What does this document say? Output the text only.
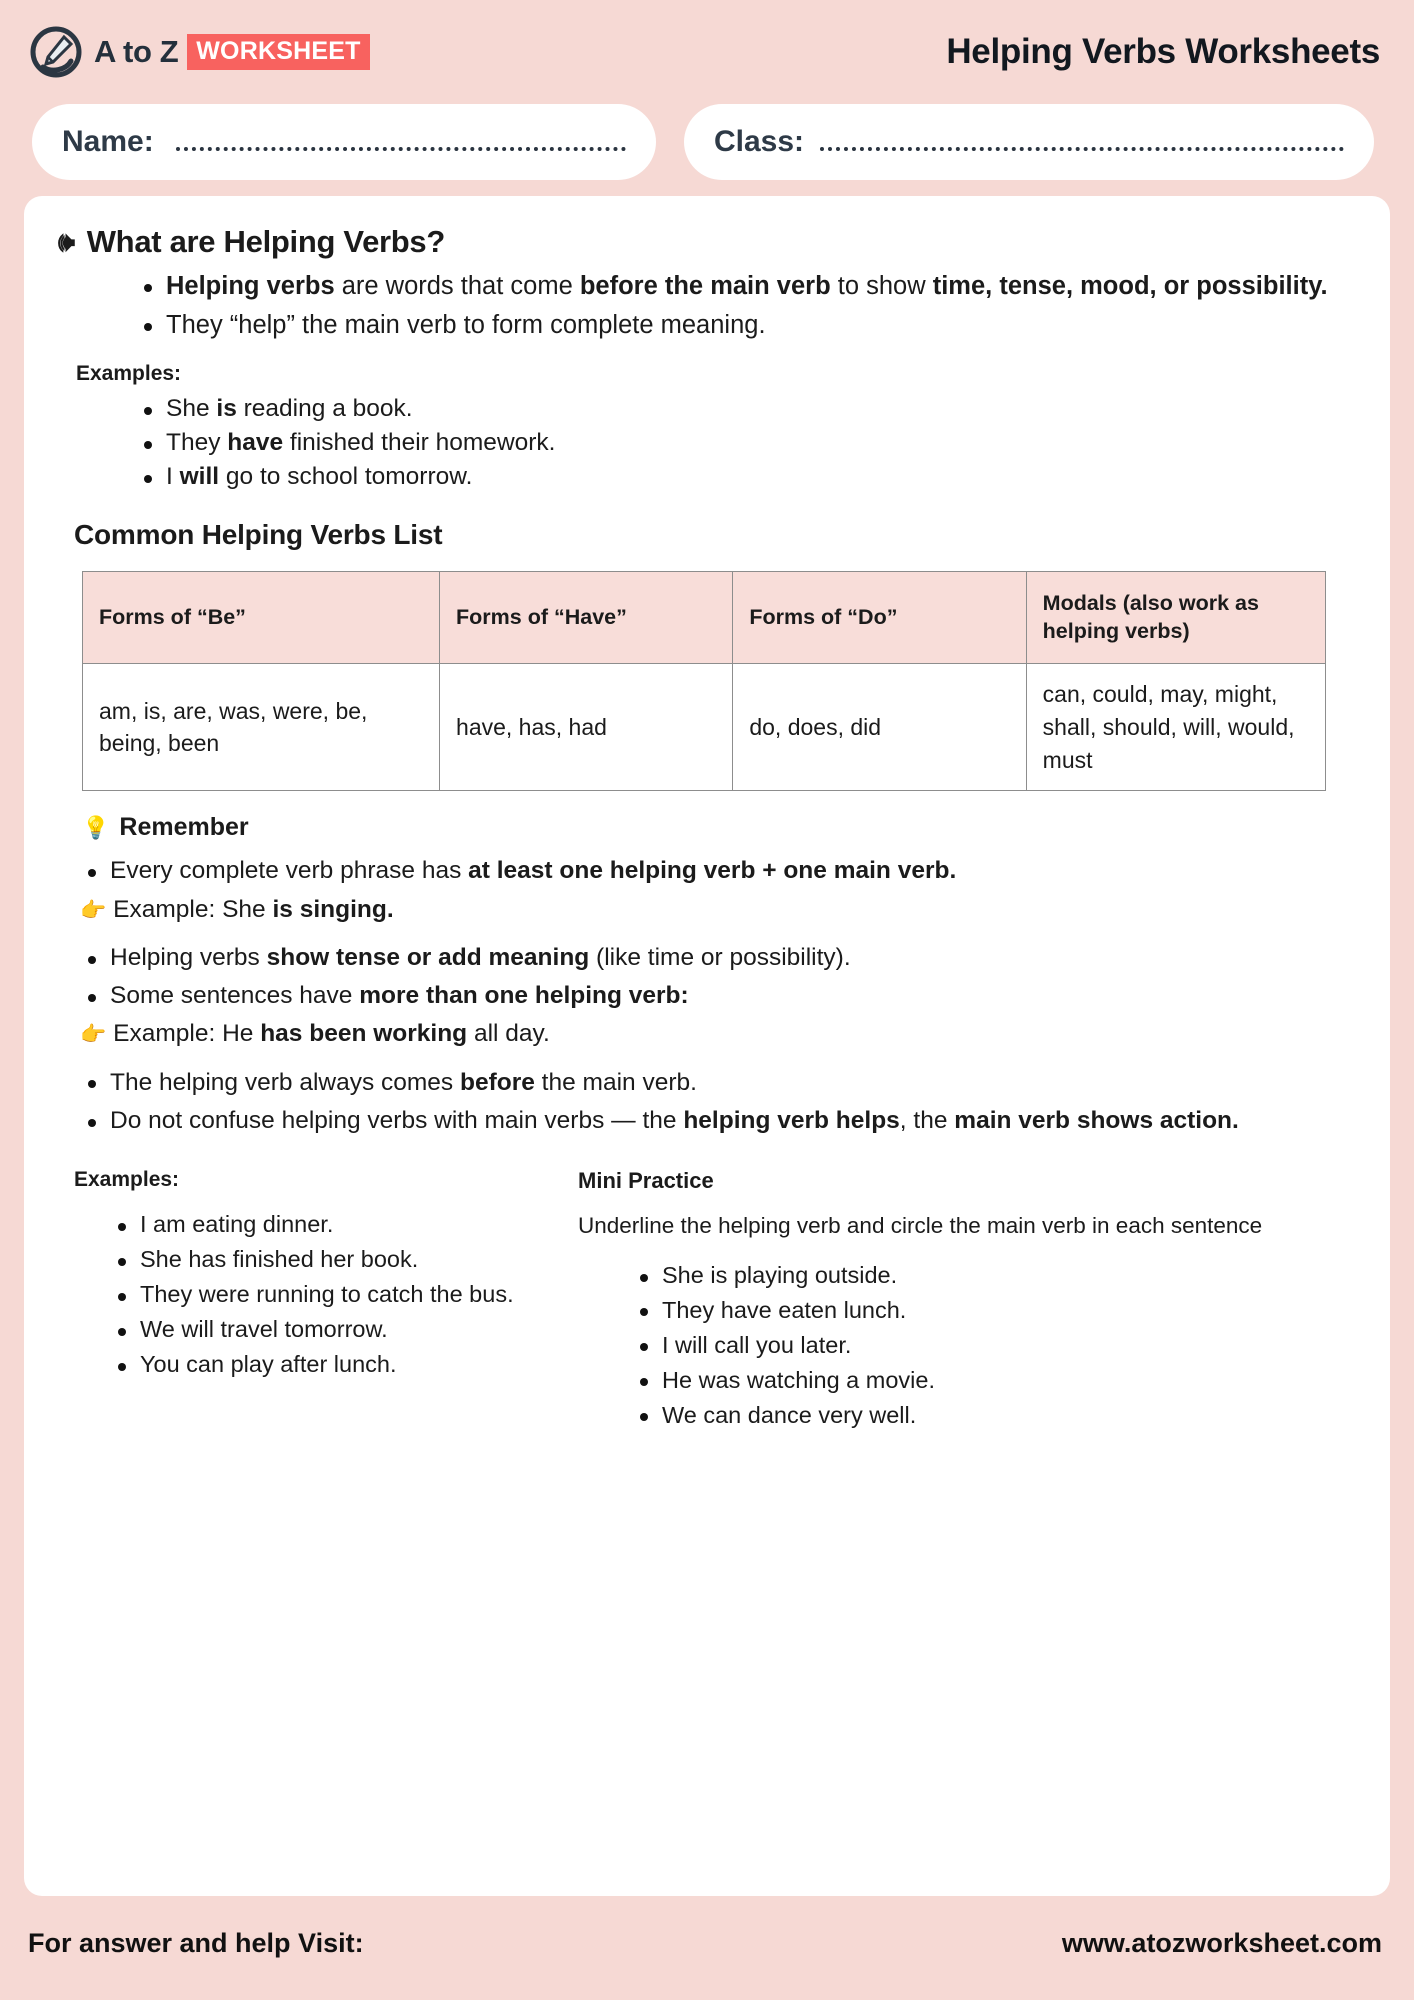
A to Z WORKSHEET	Helping Verbs Worksheets
Name:	Class:
🕪 What are Helping Verbs?
Helping verbs are words that come before the main verb to show time, tense, mood, or possibility.
They “help” the main verb to form complete meaning.
Examples:
She is reading a book.
They have finished their homework.
I will go to school tomorrow.
Common Helping Verbs List
Forms of “Be”	Forms of “Have”	Forms of “Do”	Modals (also work as helping verbs)
am, is, are, was, were, be, being, been	have, has, had	do, does, did	can, could, may, might, shall, should, will, would, must
💡 Remember
Every complete verb phrase has at least one helping verb + one main verb.
👉 Example: She is singing.
Helping verbs show tense or add meaning (like time or possibility).
Some sentences have more than one helping verb:
👉 Example: He has been working all day.
The helping verb always comes before the main verb.
Do not confuse helping verbs with main verbs — the helping verb helps, the main verb shows action.
Examples:
I am eating dinner.
She has finished her book.
They were running to catch the bus.
We will travel tomorrow.
You can play after lunch.
Mini Practice
Underline the helping verb and circle the main verb in each sentence
She is playing outside.
They have eaten lunch.
I will call you later.
He was watching a movie.
We can dance very well.
For answer and help Visit:	www.atozworksheet.com
